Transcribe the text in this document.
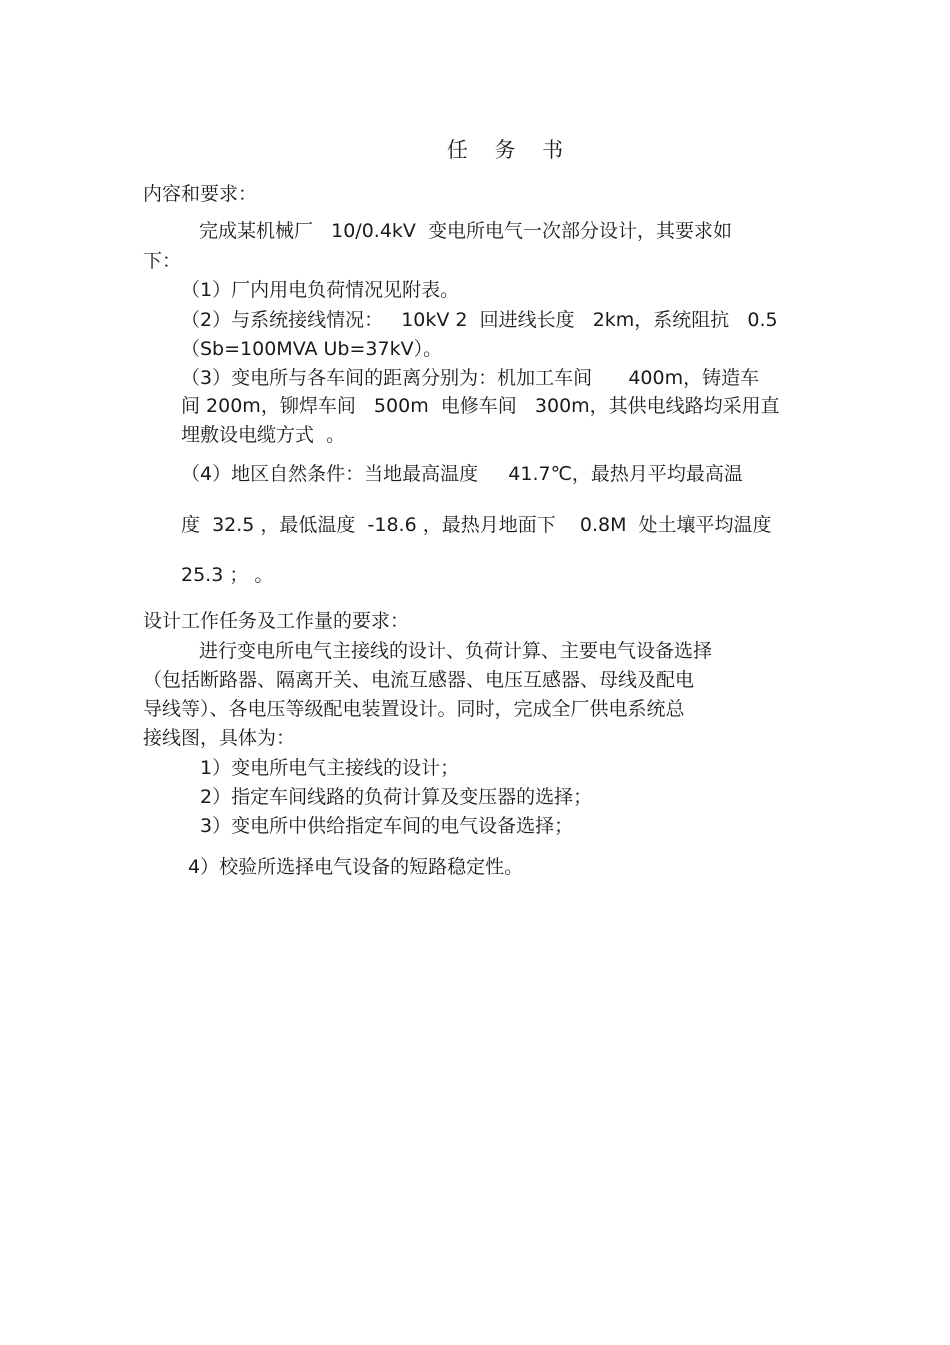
任 务 书

内容和要求：

完成某机械厂   10/0.4kV  变电所电气一次部分设计，其要求如

下：

（1）厂内用电负荷情况见附表。

（2）与系统接线情况：   10kV 2  回进线长度   2km，系统阻抗   0.5

（Sb=100MVA Ub=37kV）。

（3）变电所与各车间的距离分别为：机加工车间      400m，铸造车

间 200m，铆焊车间   500m  电修车间   300m，其供电线路均采用直

埋敷设电缆方式  。

（4）地区自然条件：当地最高温度     41.7℃，最热月平均最高温

度  32.5 ，最低温度  -18.6 ，最热月地面下    0.8M  处土壤平均温度

25.3 ； 。

设计工作任务及工作量的要求：

进行变电所电气主接线的设计、负荷计算、主要电气设备选择

（包括断路器、隔离开关、电流互感器、电压互感器、母线及配电

导线等）、各电压等级配电装置设计。同时，完成全厂供电系统总

接线图，具体为：

1）变电所电气主接线的设计；

2）指定车间线路的负荷计算及变压器的选择；

3）变电所中供给指定车间的电气设备选择；

4）校验所选择电气设备的短路稳定性。
